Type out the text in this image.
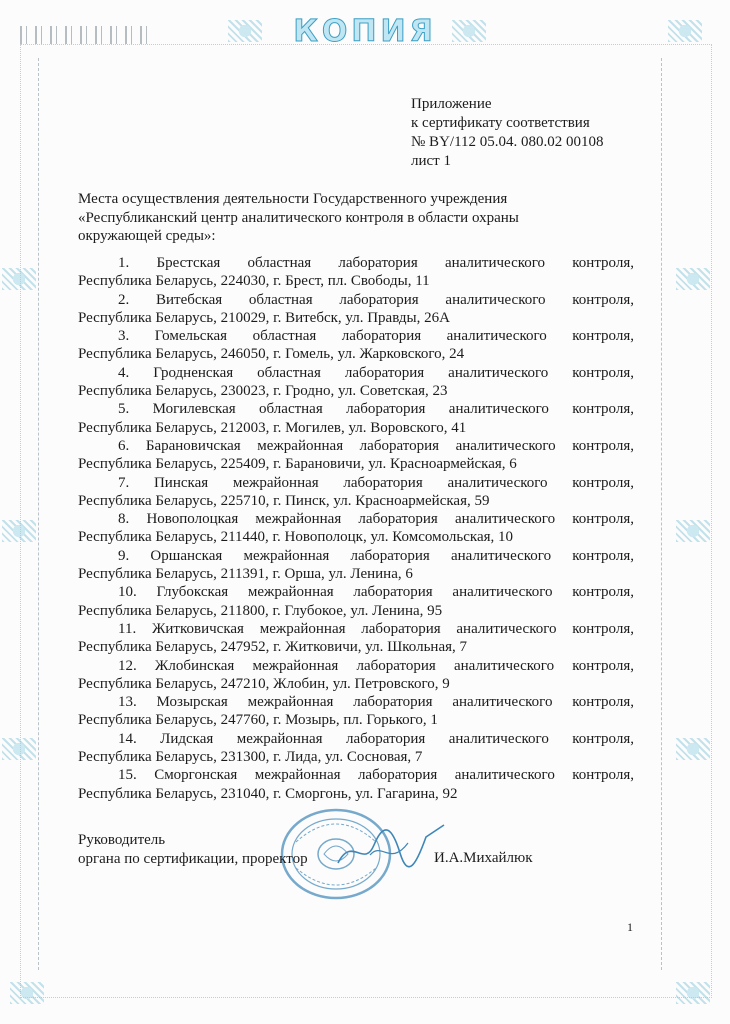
КОПИЯ
Приложение
к сертификату соответствия
№ BY/112 05.04. 080.02 00108
лист 1
Места осуществления деятельности Государственного учреждения
«Республиканский центр аналитического контроля в области охраны
окружающей среды»:
1. Брестская областная лаборатория аналитического контроля,
Республика Беларусь, 224030, г. Брест, пл. Свободы, 11
2. Витебская областная лаборатория аналитического контроля,
Республика Беларусь, 210029, г. Витебск, ул. Правды, 26А
3. Гомельская областная лаборатория аналитического контроля,
Республика Беларусь, 246050, г. Гомель, ул. Жарковского, 24
4. Гродненская областная лаборатория аналитического контроля,
Республика Беларусь, 230023, г. Гродно, ул. Советская, 23
5. Могилевская областная лаборатория аналитического контроля,
Республика Беларусь, 212003, г. Могилев, ул. Воровского, 41
6. Барановичская межрайонная лаборатория аналитического контроля,
Республика Беларусь, 225409, г. Барановичи, ул. Красноармейская, 6
7. Пинская межрайонная лаборатория аналитического контроля,
Республика Беларусь, 225710, г. Пинск, ул. Красноармейская, 59
8. Новополоцкая межрайонная лаборатория аналитического контроля,
Республика Беларусь, 211440, г. Новополоцк, ул. Комсомольская, 10
9. Оршанская межрайонная лаборатория аналитического контроля,
Республика Беларусь, 211391, г. Орша, ул. Ленина, 6
10. Глубокская межрайонная лаборатория аналитического контроля,
Республика Беларусь, 211800, г. Глубокое, ул. Ленина, 95
11. Житковичская межрайонная лаборатория аналитического контроля,
Республика Беларусь, 247952, г. Житковичи, ул. Школьная, 7
12. Жлобинская межрайонная лаборатория аналитического контроля,
Республика Беларусь, 247210, Жлобин, ул. Петровского, 9
13. Мозырская межрайонная лаборатория аналитического контроля,
Республика Беларусь, 247760, г. Мозырь, пл. Горького, 1
14. Лидская межрайонная лаборатория аналитического контроля,
Республика Беларусь, 231300, г. Лида, ул. Сосновая, 7
15. Сморгонская межрайонная лаборатория аналитического контроля,
Республика Беларусь, 231040, г. Сморгонь, ул. Гагарина, 92
Руководитель
органа по сертификации, проректор	И.А.Михайлюк
1
